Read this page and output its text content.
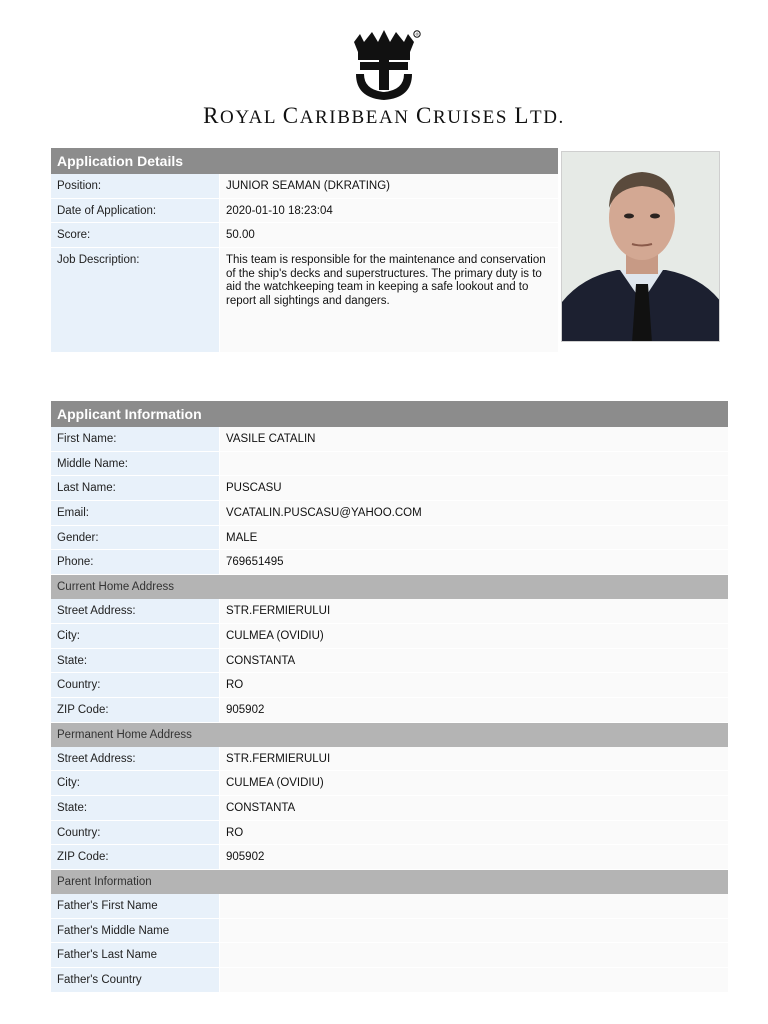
®
ROYAL CARIBBEAN CRUISES LTD.
Application Details
Position:	JUNIOR SEAMAN (DKRATING)
Date of Application:	2020-01-10 18:23:04
Score:	50.00
Job Description:	This team is responsible for the maintenance and conservation of the ship's decks and superstructures. The primary duty is to aid the watchkeeping team in keeping a safe lookout and to report all sightings and dangers.
Applicant Information
First Name:	VASILE CATALIN
Middle Name:
Last Name:	PUSCASU
Email:	VCATALIN.PUSCASU@YAHOO.COM
Gender:	MALE
Phone:	769651495
Current Home Address
Street Address:	STR.FERMIERULUI
City:	CULMEA (OVIDIU)
State:	CONSTANTA
Country:	RO
ZIP Code:	905902
Permanent Home Address
Street Address:	STR.FERMIERULUI
City:	CULMEA (OVIDIU)
State:	CONSTANTA
Country:	RO
ZIP Code:	905902
Parent Information
Father's First Name
Father's Middle Name
Father's Last Name
Father's Country
